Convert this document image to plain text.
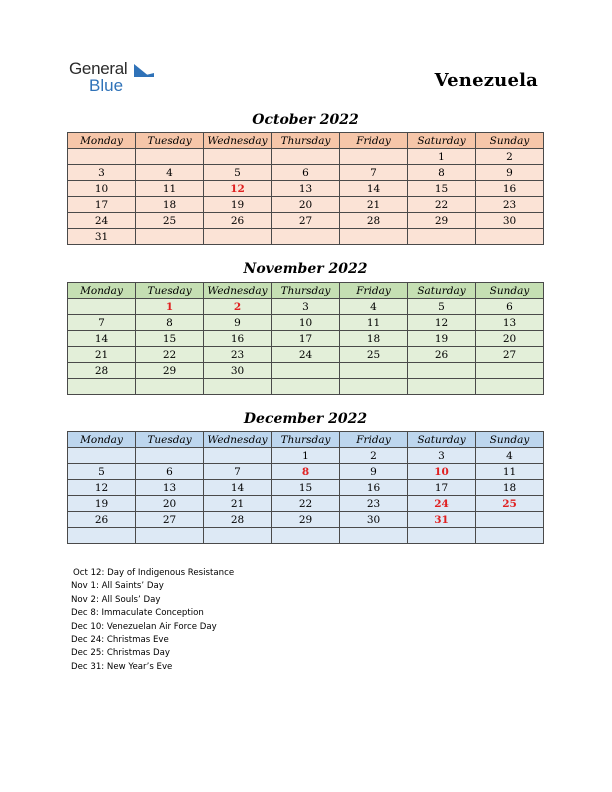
General
Blue	Venezuela
October 2022
Monday	Tuesday	Wednesday	Thursday	Friday	Saturday	Sunday
					1	2
3	4	5	6	7	8	9
10	11	12	13	14	15	16
17	18	19	20	21	22	23
24	25	26	27	28	29	30
31						
November 2022
Monday	Tuesday	Wednesday	Thursday	Friday	Saturday	Sunday
	1	2	3	4	5	6
7	8	9	10	11	12	13
14	15	16	17	18	19	20
21	22	23	24	25	26	27
28	29	30				

December 2022
Monday	Tuesday	Wednesday	Thursday	Friday	Saturday	Sunday
			1	2	3	4
5	6	7	8	9	10	11
12	13	14	15	16	17	18
19	20	21	22	23	24	25
26	27	28	29	30	31	

Oct 12: Day of Indigenous Resistance
Nov 1: All Saints’ Day
Nov 2: All Souls’ Day
Dec 8: Immaculate Conception
Dec 10: Venezuelan Air Force Day
Dec 24: Christmas Eve
Dec 25: Christmas Day
Dec 31: New Year’s Eve
